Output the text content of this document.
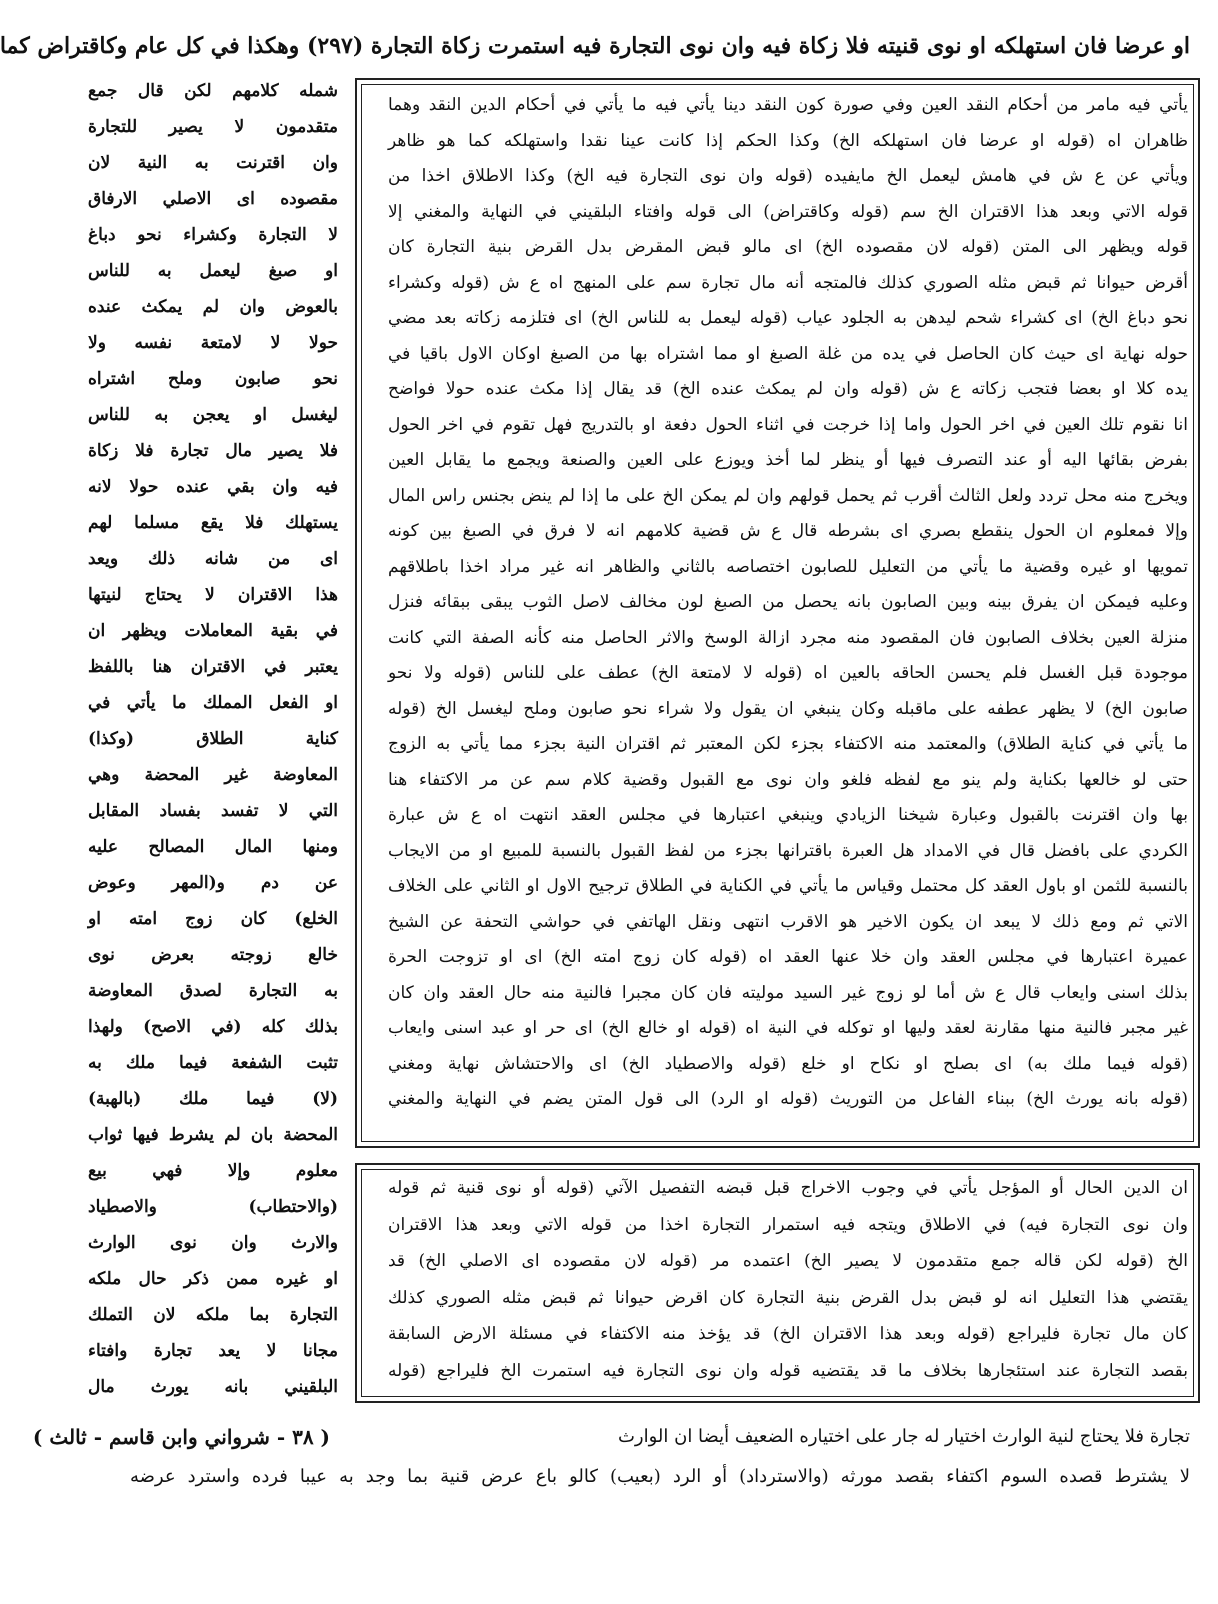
او عرضا فان استهلكه او نوى قنيته فلا زكاة فيه وان نوى التجارة فيه استمرت زكاة التجارة (٢٩٧) وهكذا في كل عام وكاقتراض كما
يأتي فيه مامر من أحكام النقد العين وفي صورة كون النقد دينا يأتي فيه ما يأتي في أحكام الدين النقد وهما
ظاهران اه (قوله او عرضا فان استهلكه الخ) وكذا الحكم إذا كانت عينا نقدا واستهلكه كما هو ظاهر
ويأتي عن ع ش في هامش ليعمل الخ مايفيده (قوله وان نوى التجارة فيه الخ) وكذا الاطلاق اخذا من
قوله الاتي وبعد هذا الاقتران الخ سم (قوله وكاقتراض) الى قوله وافتاء البلقيني في النهاية والمغني إلا
قوله ويظهر الى المتن (قوله لان مقصوده الخ) اى مالو قبض المقرض بدل القرض بنية التجارة كان
أقرض حيوانا ثم قبض مثله الصوري كذلك فالمتجه أنه مال تجارة سم على المنهج اه ع ش (قوله وكشراء
نحو دباغ الخ) اى كشراء شحم ليدهن به الجلود عياب (قوله ليعمل به للناس الخ) اى فتلزمه زكاته بعد مضي
حوله نهاية اى حيث كان الحاصل في يده من غلة الصبغ او مما اشتراه بها من الصبغ اوكان الاول باقيا في
يده كلا او بعضا فتجب زكاته ع ش (قوله وان لم يمكث عنده الخ) قد يقال إذا مكث عنده حولا فواضح
انا نقوم تلك العين في اخر الحول واما إذا خرجت في اثناء الحول دفعة او بالتدريج فهل تقوم في اخر الحول
بفرض بقائها اليه أو عند التصرف فيها أو ينظر لما أخذ ويوزع على العين والصنعة ويجمع ما يقابل العين
ويخرج منه محل تردد ولعل الثالث أقرب ثم يحمل قولهم وان لم يمكن الخ على ما إذا لم ينض بجنس راس المال
وإلا فمعلوم ان الحول ينقطع بصري اى بشرطه قال ع ش قضية كلامهم انه لا فرق في الصبغ بين كونه
تمويها او غيره وقضية ما يأتي من التعليل للصابون اختصاصه بالثاني والظاهر انه غير مراد اخذا باطلاقهم
وعليه فيمكن ان يفرق بينه وبين الصابون بانه يحصل من الصبغ لون مخالف لاصل الثوب يبقى ببقائه فنزل
منزلة العين بخلاف الصابون فان المقصود منه مجرد ازالة الوسخ والاثر الحاصل منه كأنه الصفة التي كانت
موجودة قبل الغسل فلم يحسن الحاقه بالعين اه (قوله لا لامتعة الخ) عطف على للناس (قوله ولا نحو
صابون الخ) لا يظهر عطفه على ماقبله وكان ينبغي ان يقول ولا شراء نحو صابون وملح ليغسل الخ (قوله
ما يأتي في كناية الطلاق) والمعتمد منه الاكتفاء بجزء لكن المعتبر ثم اقتران النية بجزء مما يأتي به الزوج
حتى لو خالعها بكناية ولم ينو مع لفظه فلغو وان نوى مع القبول وقضية كلام سم عن مر الاكتفاء هنا
بها وان اقترنت بالقبول وعبارة شيخنا الزيادي وينبغي اعتبارها في مجلس العقد انتهت اه ع ش عبارة
الكردي على بافضل قال في الامداد هل العبرة باقترانها بجزء من لفظ القبول بالنسبة للمبيع او من الايجاب
بالنسبة للثمن او باول العقد كل محتمل وقياس ما يأتي في الكناية في الطلاق ترجيح الاول او الثاني على الخلاف
الاتي ثم ومع ذلك لا يبعد ان يكون الاخير هو الاقرب انتهى ونقل الهاتفي في حواشي التحفة عن الشيخ
عميرة اعتبارها في مجلس العقد وان خلا عنها العقد اه (قوله كان زوج امته الخ) اى او تزوجت الحرة
بذلك اسنى وايعاب قال ع ش أما لو زوج غير السيد موليته فان كان مجبرا فالنية منه حال العقد وان كان
غير مجبر فالنية منها مقارنة لعقد وليها او توكله في النية اه (قوله او خالع الخ) اى حر او عبد اسنى وايعاب
(قوله فيما ملك به) اى بصلح او نكاح او خلع (قوله والاصطياد الخ) اى والاحتشاش نهاية ومغني
(قوله بانه يورث الخ) ببناء الفاعل من التوريث (قوله او الرد) الى قول المتن يضم في النهاية والمغني
ان الدين الحال أو المؤجل يأتي في وجوب الاخراج قبل قبضه التفصيل الآتي (قوله أو نوى قنية ثم قوله
وان نوى التجارة فيه) في الاطلاق ويتجه فيه استمرار التجارة اخذا من قوله الاتي وبعد هذا الاقتران
الخ (قوله لكن قاله جمع متقدمون لا يصير الخ) اعتمده مر (قوله لان مقصوده اى الاصلي الخ) قد
يقتضي هذا التعليل انه لو قبض بدل القرض بنية التجارة كان اقرض حيوانا ثم قبض مثله الصوري كذلك
كان مال تجارة فليراجع (قوله وبعد هذا الاقتران الخ) قد يؤخذ منه الاكتفاء في مسئلة الارض السابقة
بقصد التجارة عند استئجارها بخلاف ما قد يقتضيه قوله وان نوى التجارة فيه استمرت الخ فليراجع (قوله
شمله كلامهم لكن قال جمع
متقدمون لا يصير للتجارة
وان اقترنت به النية لان
مقصوده اى الاصلي الارفاق
لا التجارة وكشراء نحو دباغ
او صبغ ليعمل به للناس
بالعوض وان لم يمكث عنده
حولا لا لامتعة نفسه ولا
نحو صابون وملح اشتراه
ليغسل او يعجن به للناس
فلا يصير مال تجارة فلا زكاة
فيه وان بقي عنده حولا لانه
يستهلك فلا يقع مسلما لهم
اى من شانه ذلك ويعد
هذا الاقتران لا يحتاج لنيتها
في بقية المعاملات ويظهر ان
يعتبر في الاقتران هنا باللفظ
او الفعل المملك ما يأتي في
كناية الطلاق (وكذا)
المعاوضة غير المحضة وهي
التي لا تفسد بفساد المقابل
ومنها المال المصالح عليه
عن دم و(المهر وعوض
الخلع) كان زوج امته او
خالع زوجته بعرض نوى
به التجارة لصدق المعاوضة
بذلك كله (في الاصح) ولهذا
تثبت الشفعة فيما ملك به
(لا) فيما ملك (بالهبة)
المحضة بان لم يشرط فيها ثواب
معلوم وإلا فهي بيع
(والاحتطاب) والاصطياد
والارث وان نوى الوارث
او غيره ممن ذكر حال ملكه
التجارة بما ملكه لان التملك
مجانا لا يعد تجارة وافتاء
البلقيني بانه يورث مال
تجارة فلا يحتاج لنية الوارث اختيار له جار على اختياره الضعيف أيضا ان الوارث
( ٣٨ - شرواني وابن قاسم - ثالث )
لا يشترط قصده السوم اكتفاء بقصد مورثه (والاسترداد) أو الرد (بعيب) كالو باع عرض قنية بما وجد به عيبا فرده واسترد عرضه
